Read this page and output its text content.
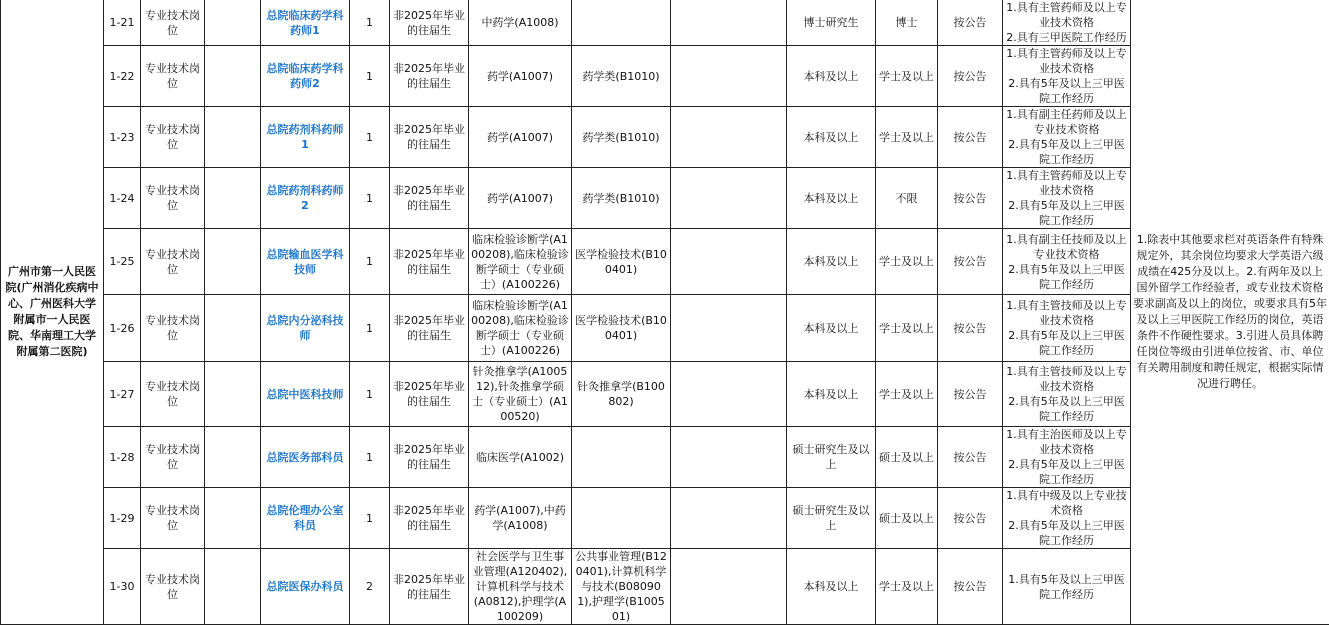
广州市第一人民医院(广州消化疾病中心、广州医科大学附属市一人民医院、华南理工大学附属第二医院)	1-21	专业技术岗位		总院临床药学科药师1	1	非2025年毕业的往届生	中药学(A1008)			博士研究生	博士	按公告	1.具有主管药师及以上专业技术资格
2.具有三甲医院工作经历	1.除表中其他要求栏对英语条件有特殊规定外，其余岗位均要求大学英语六级成绩在425分及以上。2.有两年及以上国外留学工作经验者，或专业技术资格要求副高及以上的岗位，或要求具有5年及以上三甲医院工作经历的岗位，英语条件不作硬性要求。3.引进人员具体聘任岗位等级由引进单位按省、市、单位有关聘用制度和聘任规定，根据实际情况进行聘任。
	1-22	专业技术岗位		总院临床药学科药师2	1	非2025年毕业的往届生	药学(A1007)	药学类(B1010)		本科及以上	学士及以上	按公告	1.具有主管药师及以上专业技术资格
2.具有5年及以上三甲医院工作经历	

	1-23	专业技术岗位		总院药剂科药师1	1	非2025年毕业的往届生	药学(A1007)	药学类(B1010)		本科及以上	学士及以上	按公告	1.具有副主任药师及以上专业技术资格
2.具有5年及以上三甲医院工作经历	

	1-24	专业技术岗位		总院药剂科药师2	1	非2025年毕业的往届生	药学(A1007)	药学类(B1010)		本科及以上	不限	按公告	1.具有主管药师及以上专业技术资格
2.具有5年及以上三甲医院工作经历	

	1-25	专业技术岗位		总院输血医学科技师	1	非2025年毕业的往届生	临床检验诊断学(A100208),临床检验诊断学硕士（专业硕士）(A100226)	医学检验技术(B100401)		本科及以上	学士及以上	按公告	1.具有副主任技师及以上专业技术资格
2.具有5年及以上三甲医院工作经历	

	1-26	专业技术岗位		总院内分泌科技师	1	非2025年毕业的往届生	临床检验诊断学(A100208),临床检验诊断学硕士（专业硕士）(A100226)	医学检验技术(B100401)		本科及以上	学士及以上	按公告	1.具有主管技师及以上专业技术资格
2.具有5年及以上三甲医院工作经历	

	1-27	专业技术岗位		总院中医科技师	1	非2025年毕业的往届生	针灸推拿学(A100512),针灸推拿学硕士（专业硕士）(A100520)	针灸推拿学(B100802)		本科及以上	学士及以上	按公告	1.具有主管技师及以上专业技术资格
2.具有5年及以上三甲医院工作经历	

	1-28	专业技术岗位		总院医务部科员	1	非2025年毕业的往届生	临床医学(A1002)			硕士研究生及以上	硕士及以上	按公告	1.具有主治医师及以上专业技术资格
2.具有5年及以上三甲医院工作经历	

	1-29	专业技术岗位		总院伦理办公室科员	1	非2025年毕业的往届生	药学(A1007),中药学(A1008)			硕士研究生及以上	硕士及以上	按公告	1.具有中级及以上专业技术资格
2.具有5年及以上三甲医院工作经历	

	1-30	专业技术岗位		总院医保办科员	2	非2025年毕业的往届生	社会医学与卫生事业管理(A120402),计算机科学与技术(A0812),护理学(A100209)	公共事业管理(B120401),计算机科学与技术(B080901),护理学(B100501)		本科及以上	学士及以上	按公告	1.具有5年及以上三甲医院工作经历	
